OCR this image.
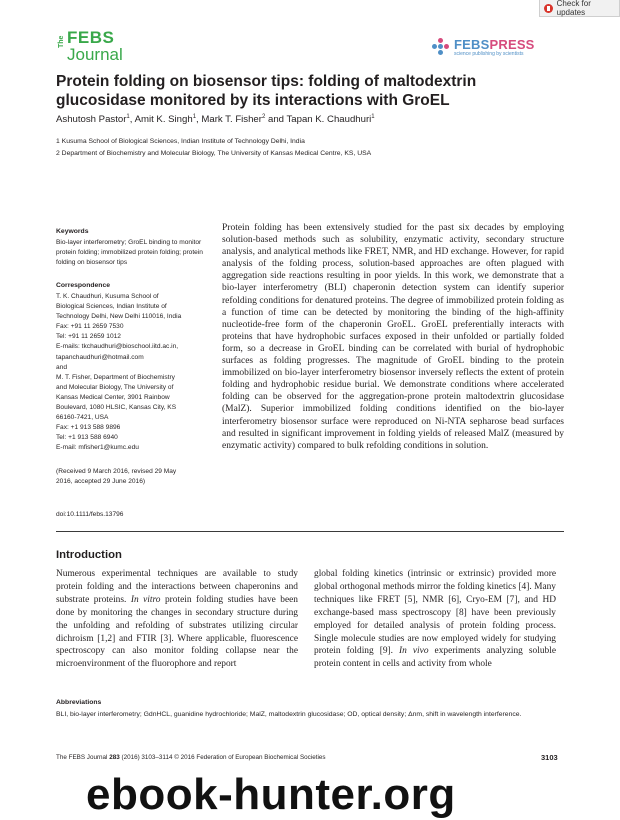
Check for updates
The FEBS
Journal
FEBSPRESS
science publishing by scientists
Protein folding on biosensor tips: folding of maltodextrin glucosidase monitored by its interactions with GroEL
Ashutosh Pastor$^1$, Amit K. Singh$^1$, Mark T. Fisher$^2$ and Tapan K. Chaudhuri$^1$
1 Kusuma School of Biological Sciences, Indian Institute of Technology Delhi, India
2 Department of Biochemistry and Molecular Biology, The University of Kansas Medical Centre, KS, USA
Keywords
Bio-layer interferometry; GroEL binding to monitor protein folding; immobilized protein folding; protein folding on biosensor tips
Correspondence
T. K. Chaudhuri, Kusuma School of
Biological Sciences, Indian Institute of
Technology Delhi, New Delhi 110016, India
Fax: +91 11 2659 7530
Tel: +91 11 2659 1012
E-mails: tkchaudhuri@bioschool.iitd.ac.in,
tapanchaudhuri@hotmail.com
and
M. T. Fisher, Department of Biochemistry
and Molecular Biology, The University of
Kansas Medical Center, 3901 Rainbow
Boulevard, 1080 HLSIC, Kansas City, KS
66160-7421, USA
Fax: +1 913 588 9896
Tel: +1 913 588 6940
E-mail: mfisher1@kumc.edu
(Received 9 March 2016, revised 29 May
2016, accepted 29 June 2016)
doi:10.1111/febs.13796

Protein folding has been extensively studied for the past six decades by employing solution-based methods such as solubility, enzymatic activity, secondary structure analysis, and analytical methods like FRET, NMR, and HD exchange. However, for rapid analysis of the folding process, solution-based approaches are often plagued with aggregation side reactions resulting in poor yields. In this work, we demonstrate that a bio-layer interferometry (BLI) chaperonin detection system can identify superior refolding conditions for denatured proteins. The degree of immobilized protein folding as a function of time can be detected by monitoring the binding of the high-affinity nucleotide-free form of the chaperonin GroEL. GroEL preferentially interacts with proteins that have hydrophobic surfaces exposed in their unfolded or partially folded form, so a decrease in GroEL binding can be correlated with burial of hydrophobic surfaces as folding progresses. The magnitude of GroEL binding to the protein immobilized on bio-layer interferometry biosensor inversely reflects the extent of protein folding and hydrophobic residue burial. We demonstrate conditions where accelerated folding can be observed for the aggregation-prone protein maltodextrin glucosidase (MalZ). Superior immobilized folding conditions identified on the bio-layer interferometry biosensor surface were reproduced on Ni-NTA sepharose bead surfaces and resulted in significant improvement in folding yields of released MalZ (measured by enzymatic activity) compared to bulk refolding conditions in solution.

Introduction

Numerous experimental techniques are available to study protein folding and the interactions between chaperonins and substrate proteins. In vitro protein folding studies have been done by monitoring the changes in secondary structure during the unfolding and refolding of substrates utilizing circular dichroism [1,2] and FTIR [3]. Where applicable, fluorescence spectroscopy can also monitor folding collapse near the microenvironment of the fluorophore and report

global folding kinetics (intrinsic or extrinsic) provided more global orthogonal methods mirror the folding kinetics [4]. Many techniques like FRET [5], NMR [6], Cryo-EM [7], and HD exchange-based mass spectroscopy [8] have been previously employed for detailed analysis of protein folding process. Single molecule studies are now employed widely for studying protein folding [9]. In vivo experiments analyzing soluble protein content in cells and activity from whole

Abbreviations
BLI, bio-layer interferometry; GdnHCL, guanidine hydrochloride; MalZ, maltodextrin glucosidase; OD, optical density; Δnm, shift in wavelength interference.
The FEBS Journal 283 (2016) 3103–3114 © 2016 Federation of European Biochemical Societies	3103
ebook-hunter.org
